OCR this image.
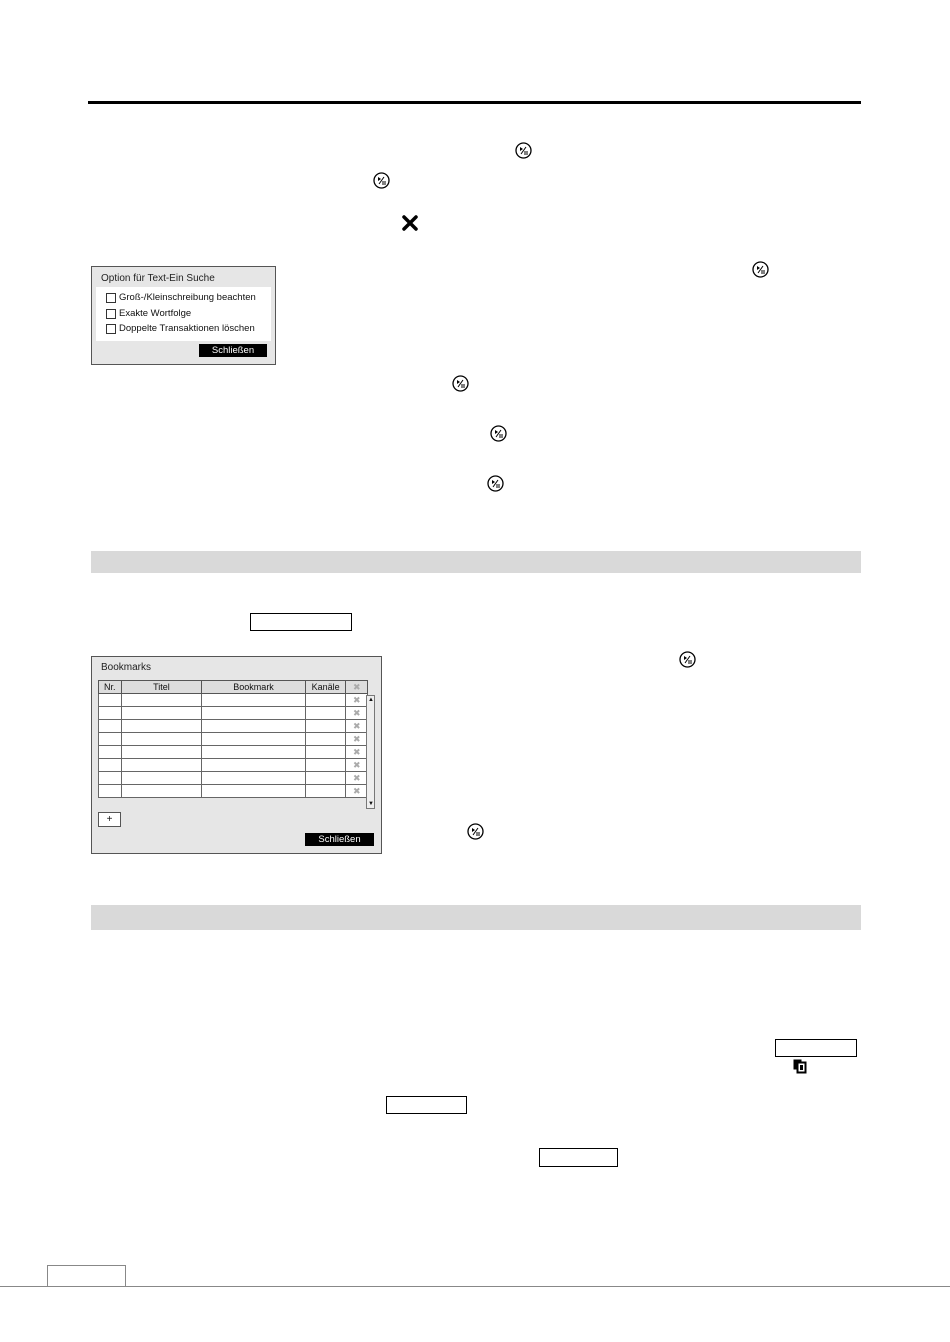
Option für Text-Ein Suche
Groß-/Kleinschreibung beachten
Exakte Wortfolge
Doppelte Transaktionen löschen
Schließen
Bookmarks
Nr.	Titel	Bookmark	Kanäle	✖
				✖
				✖
				✖
				✖
				✖
				✖
				✖
				✖
▲
▼
+
Schließen
